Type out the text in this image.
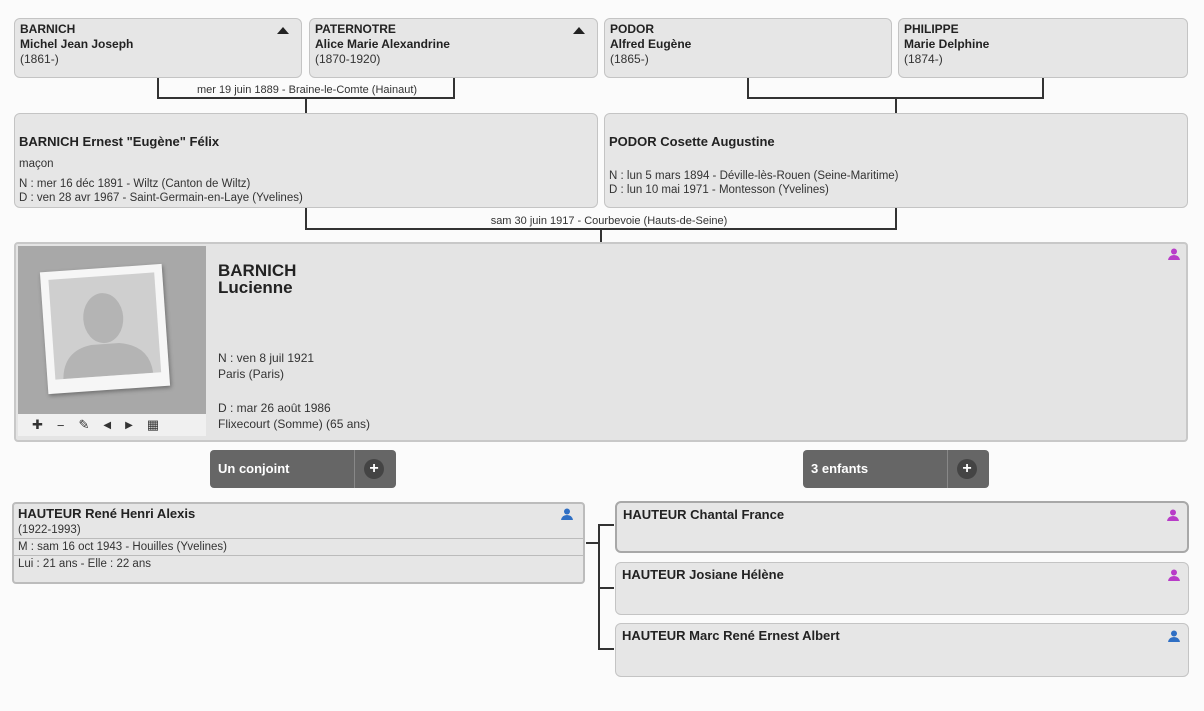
BARNICH
Michel Jean Joseph
(1861-)
PATERNOTRE
Alice Marie Alexandrine
(1870-1920)
PODOR
Alfred Eugène
(1865-)
PHILIPPE
Marie Delphine
(1874-)
mer 19 juin 1889 - Braine-le-Comte (Hainaut)
BARNICH Ernest "Eugène" Félix
maçon
N : mer 16 déc 1891 - Wiltz (Canton de Wiltz)
D : ven 28 avr 1967 - Saint-Germain-en-Laye (Yvelines)
PODOR Cosette Augustine
N : lun 5 mars 1894 - Déville-lès-Rouen (Seine-Maritime)
D : lun 10 mai 1971 - Montesson (Yvelines)
sam 30 juin 1917 - Courbevoie (Hauts-de-Seine)
✚ − ✎ ◀ ▶ ▦
BARNICH
Lucienne
N : ven 8 juil 1921
Paris (Paris)
D : mar 26 août 1986
Flixecourt (Somme) (65 ans)
Un conjoint	+	3 enfants	+
HAUTEUR René Henri Alexis
(1922-1993)
M : sam 16 oct 1943 - Houilles (Yvelines)
Lui : 21 ans - Elle : 22 ans
HAUTEUR Chantal France
HAUTEUR Josiane Hélène
HAUTEUR Marc René Ernest Albert
